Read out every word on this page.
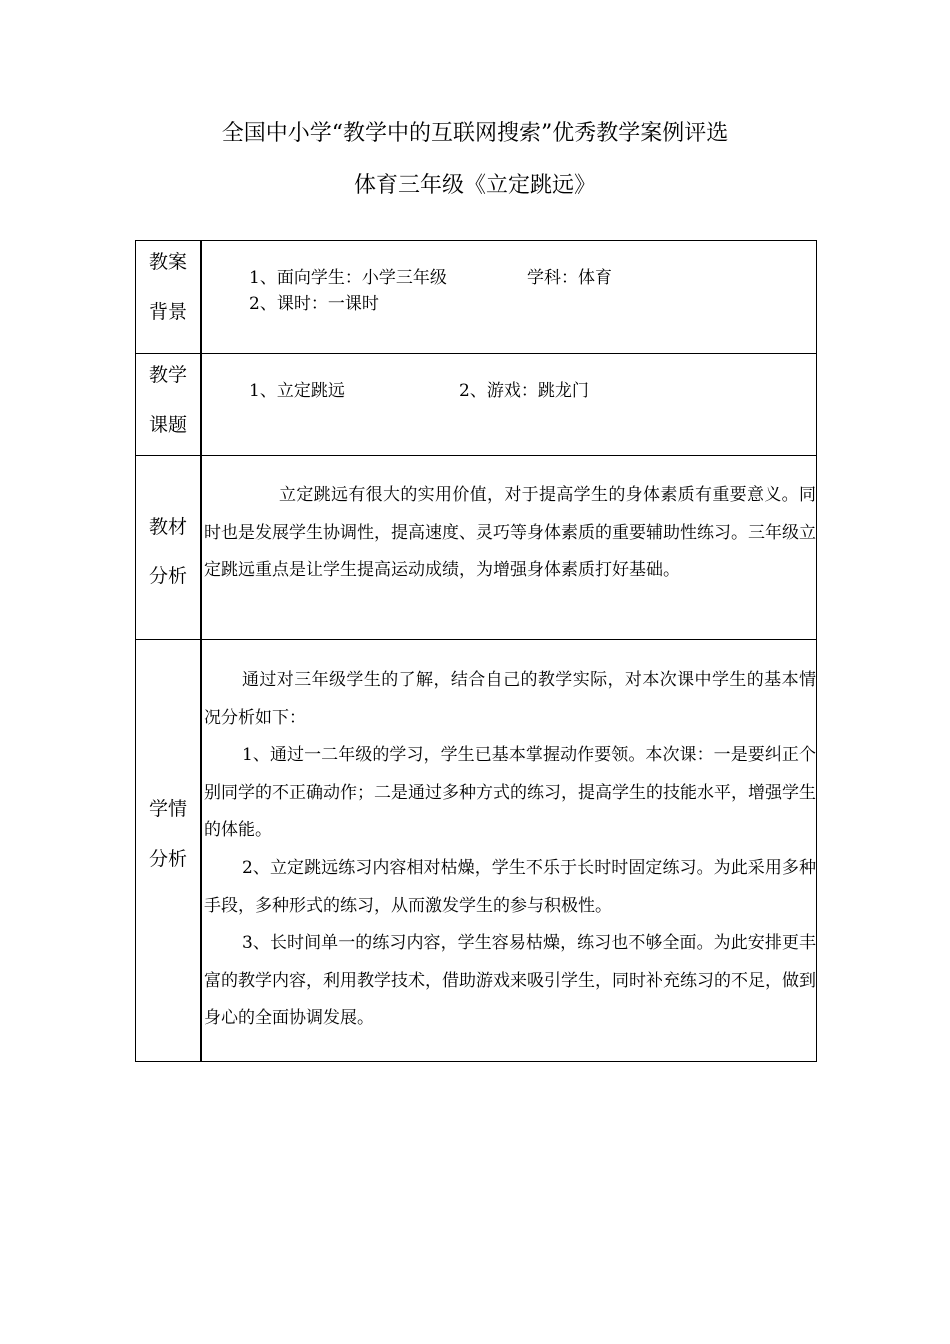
全国中小学“教学中的互联网搜索”优秀教学案例评选
体育三年级《立定跳远》
教案
背景
1、面向学生：小学三年级	学科：体育
2、课时：一课时
教学
课题
1、立定跳远	2、游戏：跳龙门
教材
分析
立定跳远有很大的实用价值，对于提高学生的身体素质有重要意义。同时也是发展学生协调性，提高速度、灵巧等身体素质的重要辅助性练习。三年级立定跳远重点是让学生提高运动成绩，为增强身体素质打好基础。
学情
分析
通过对三年级学生的了解，结合自己的教学实际，对本次课中学生的基本情况分析如下：
1、通过一二年级的学习，学生已基本掌握动作要领。本次课：一是要纠正个别同学的不正确动作；二是通过多种方式的练习，提高学生的技能水平，增强学生的体能。
2、立定跳远练习内容相对枯燥，学生不乐于长时时固定练习。为此采用多种手段，多种形式的练习，从而激发学生的参与积极性。
3、长时间单一的练习内容，学生容易枯燥，练习也不够全面。为此安排更丰富的教学内容，利用教学技术，借助游戏来吸引学生，同时补充练习的不足，做到身心的全面协调发展。
